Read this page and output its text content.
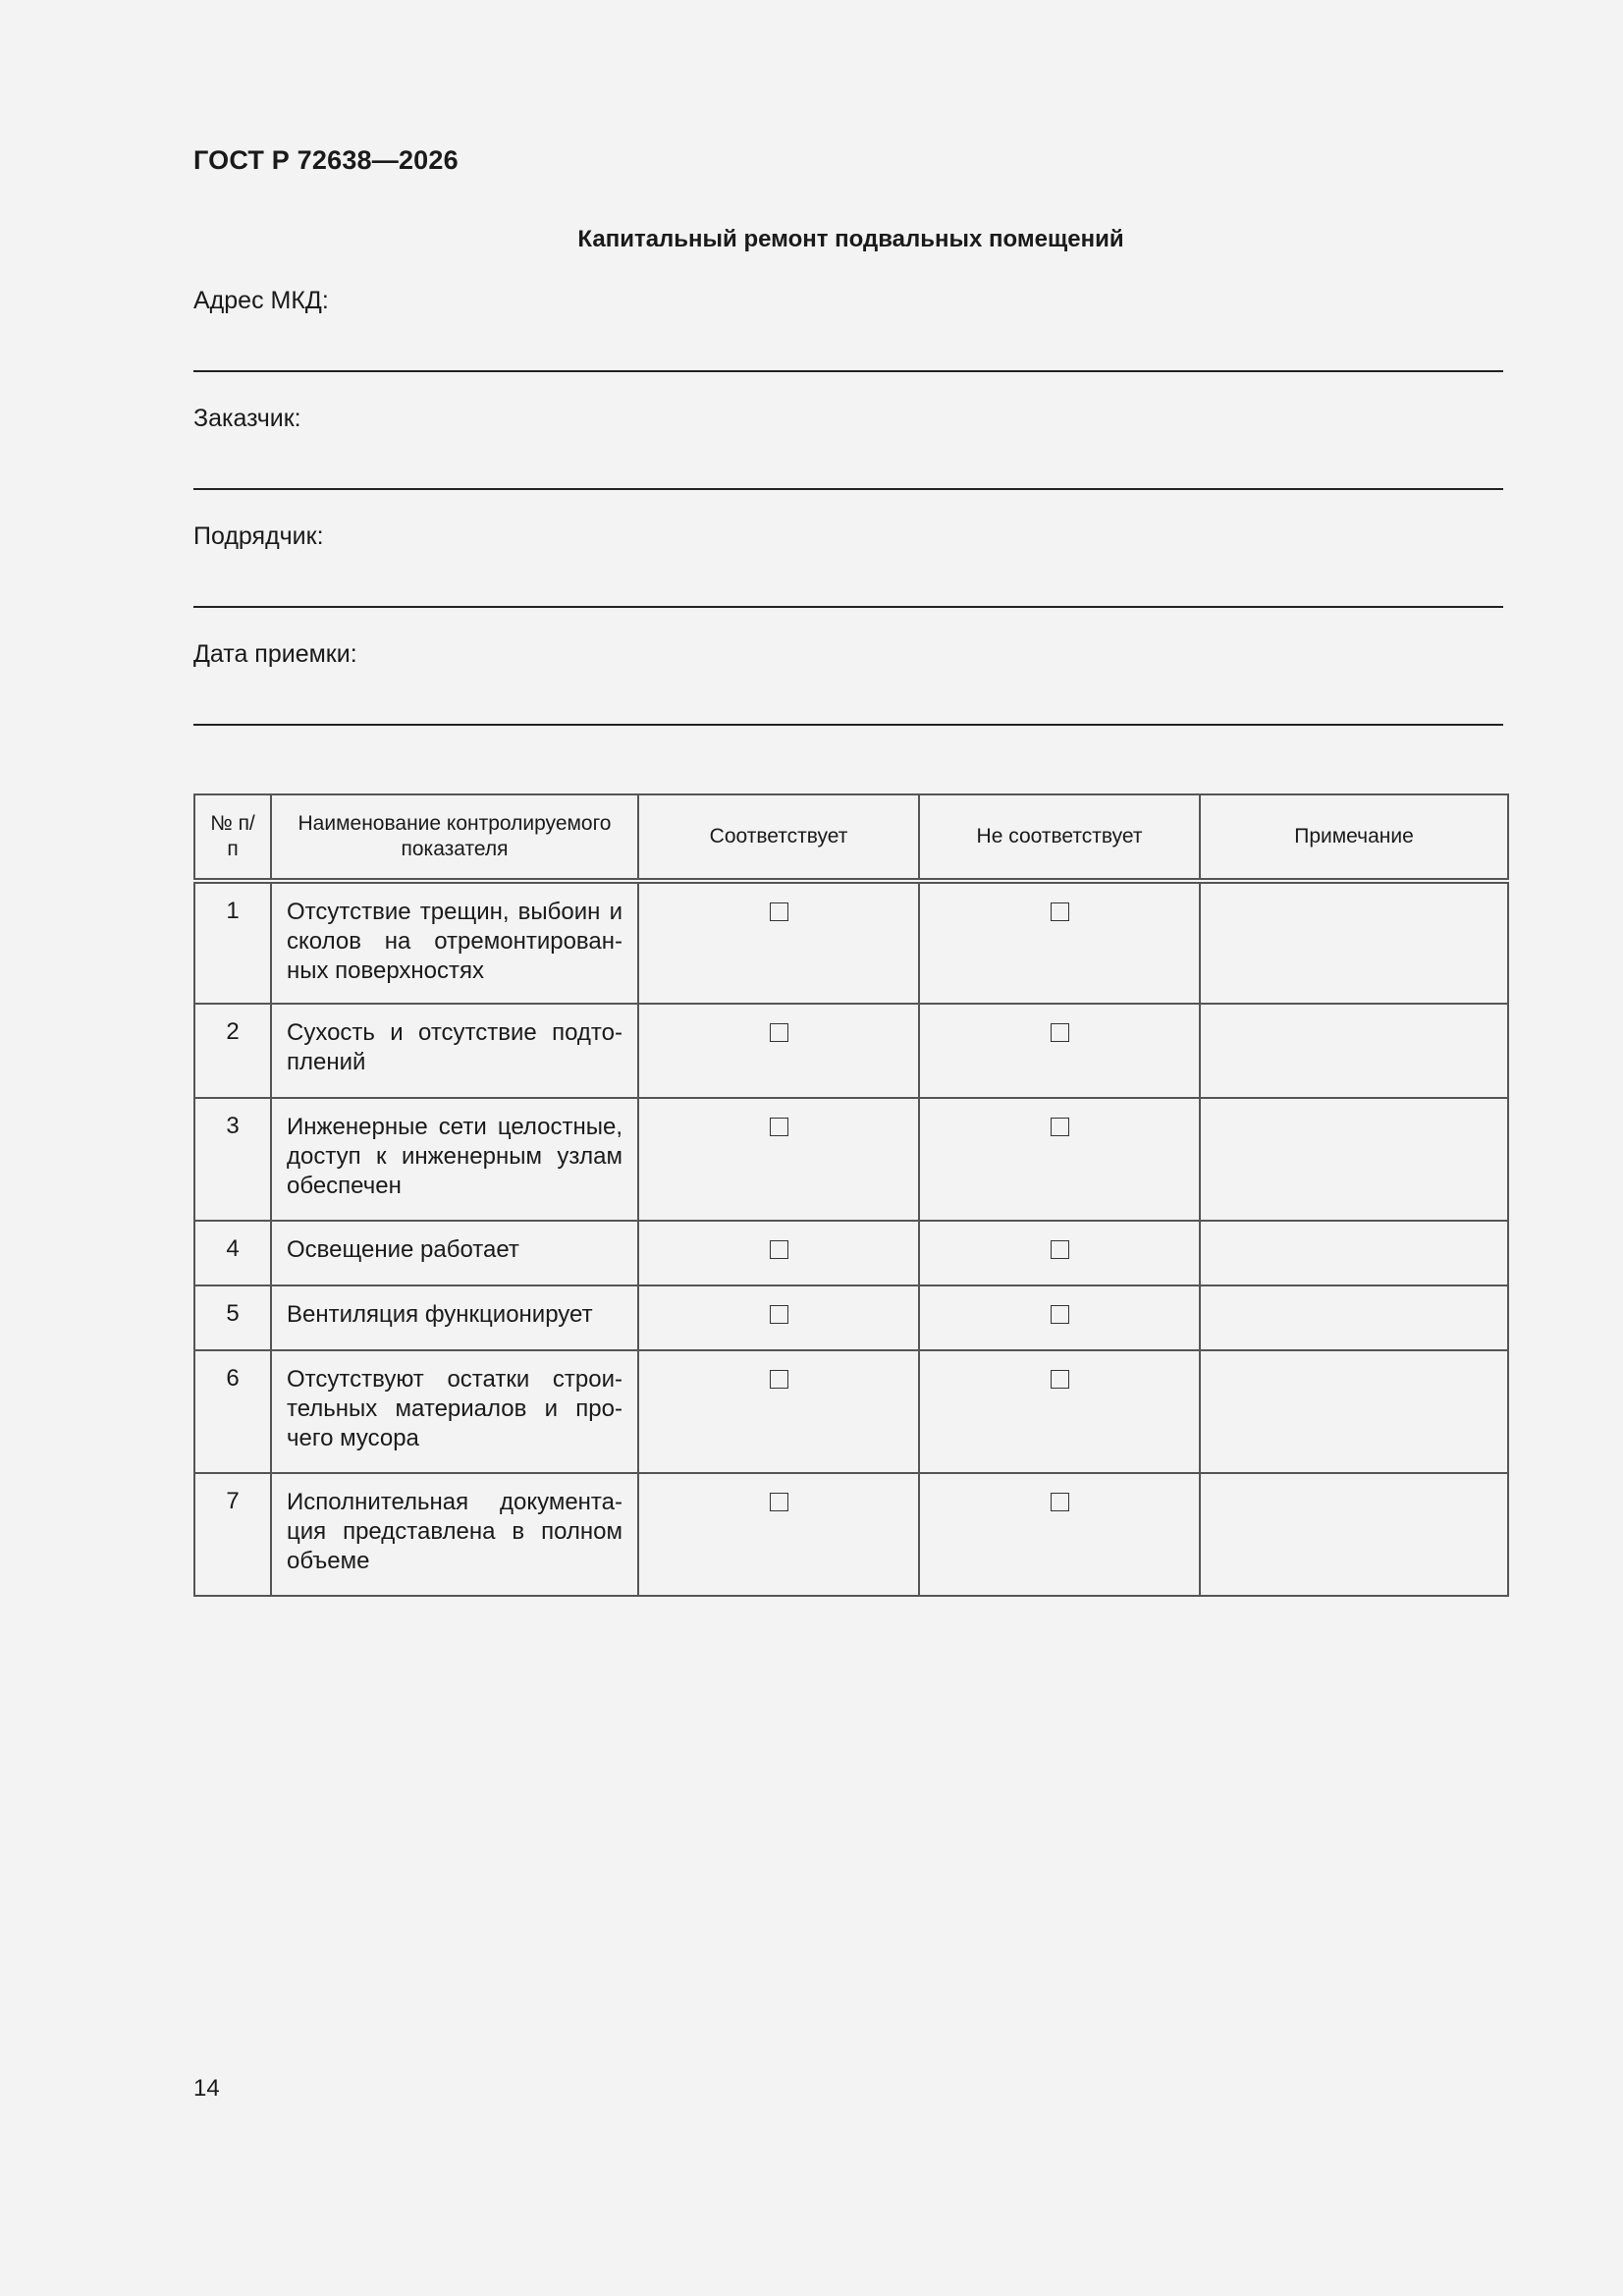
ГОСТ Р 72638—2026
Капитальный ремонт подвальных помещений
Адрес МКД:
Заказчик:
Подрядчик:
Дата приемки:
№ п/п	Наименование контролируемого показателя	Соответствует	Не соответствует	Примечание
1	Отсутствие трещин, выбоин и сколов на отремонтированных поверхностях			
2	Сухость и отсутствие подтоплений			
3	Инженерные сети целостные, доступ к инженерным узлам обеспечен			
4	Освещение работает			
5	Вентиляция функционирует			
6	Отсутствуют остатки строительных материалов и прочего мусора			
7	Исполнительная документация представлена в полном объеме			
14
